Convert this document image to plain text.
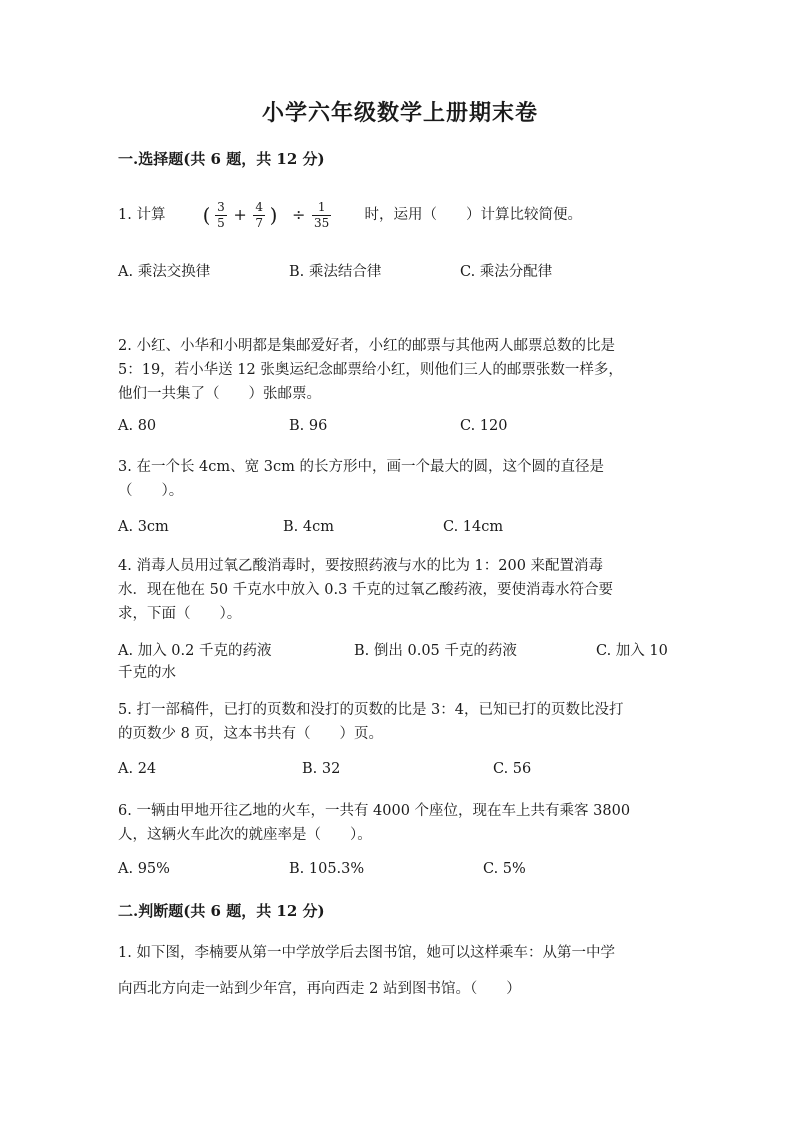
小学六年级数学上册期末卷
一.选择题(共 6 题，共 12 分)
1. 计算 ( $\frac{3}{5} + \frac{4}{7}$ ) ÷ $\frac{1}{35}$ 时，运用（　　）计算比较简便。
A. 乘法交换律	B. 乘法结合律	C. 乘法分配律
2. 小红、小华和小明都是集邮爱好者，小红的邮票与其他两人邮票总数的比是
5：19，若小华送 12 张奥运纪念邮票给小红，则他们三人的邮票张数一样多，
他们一共集了（　　）张邮票。
A. 80	B. 96	C. 120
3. 在一个长 4cm、宽 3cm 的长方形中，画一个最大的圆，这个圆的直径是
（　　）。
A. 3cm	B. 4cm	C. 14cm
4. 消毒人员用过氧乙酸消毒时，要按照药液与水的比为 1：200 来配置消毒
水．现在他在 50 千克水中放入 0.3 千克的过氧乙酸药液，要使消毒水符合要
求，下面（　　）。
A. 加入 0.2 千克的药液	B. 倒出 0.05 千克的药液	C. 加入 10
千克的水
5. 打一部稿件，已打的页数和没打的页数的比是 3：4，已知已打的页数比没打
的页数少 8 页，这本书共有（　　）页。
A. 24	B. 32	C. 56
6. 一辆由甲地开往乙地的火车，一共有 4000 个座位，现在车上共有乘客 3800
人，这辆火车此次的就座率是（　　）。
A. 95%	B. 105.3%	C. 5%
二.判断题(共 6 题，共 12 分)
1. 如下图，李楠要从第一中学放学后去图书馆，她可以这样乘车：从第一中学
向西北方向走一站到少年宫，再向西走 2 站到图书馆。（　　）
